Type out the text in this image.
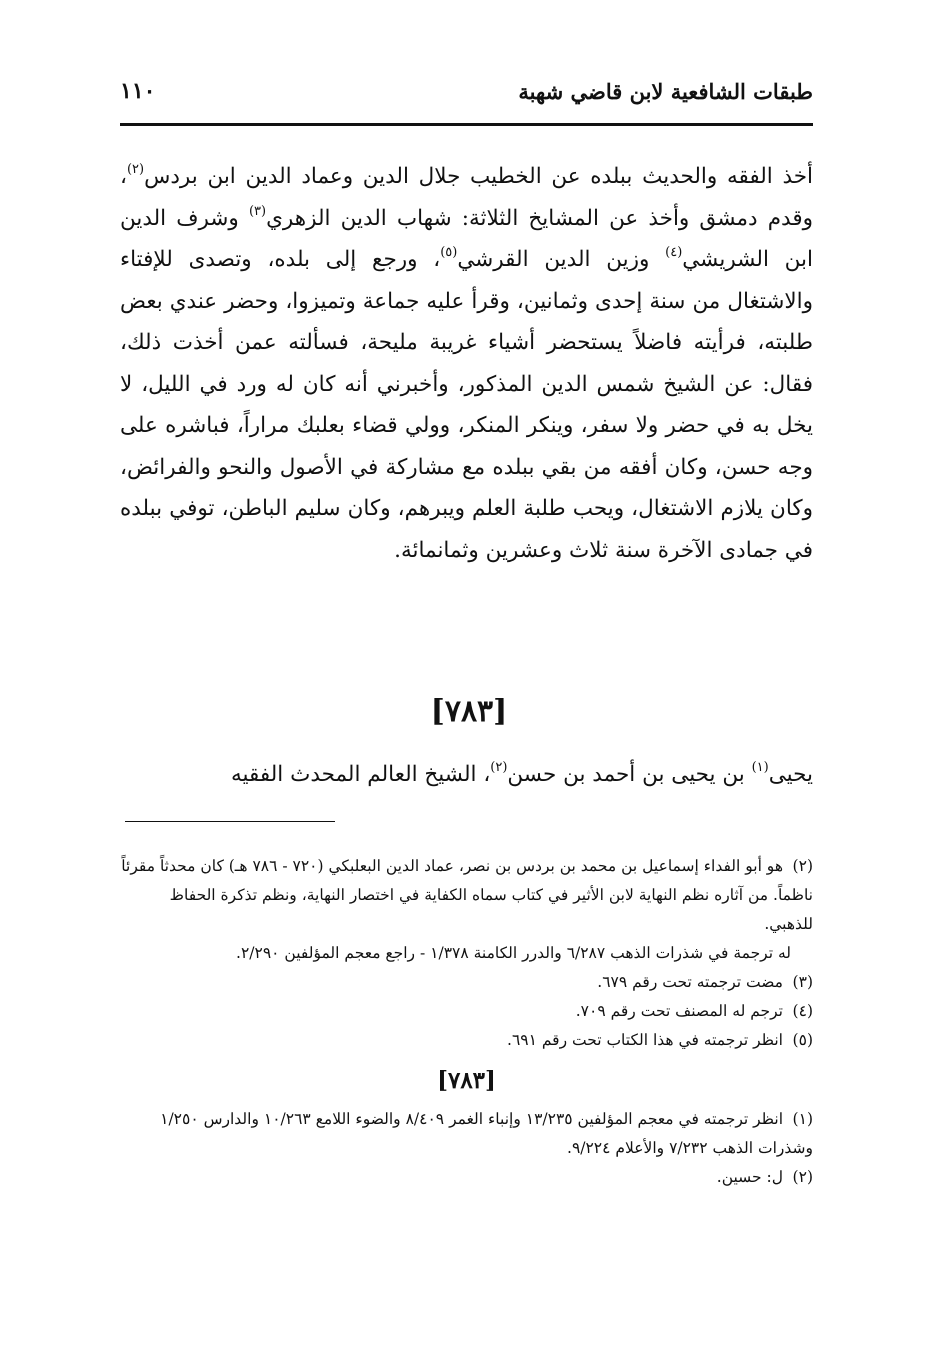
طبقات الشافعية لابن قاضي شهبة
١١٠

أخذ الفقه والحديث ببلده عن الخطيب جلال الدين وعماد الدين ابن بردس$^{(٢)}$، وقدم دمشق وأخذ عن المشايخ الثلاثة: شهاب الدين الزهري$^{(٣)}$ وشرف الدين ابن الشريشي$^{(٤)}$ وزين الدين القرشي$^{(٥)}$، ورجع إلى بلده، وتصدى للإفتاء والاشتغال من سنة إحدى وثمانين، وقرأ عليه جماعة وتميزوا، وحضر عندي بعض طلبته، فرأيته فاضلاً يستحضر أشياء غريبة مليحة، فسألته عمن أخذت ذلك، فقال: عن الشيخ شمس الدين المذكور، وأخبرني أنه كان له ورد في الليل، لا يخل به في حضر ولا سفر، وينكر المنكر، وولي قضاء بعلبك مراراً، فباشره على وجه حسن، وكان أفقه من بقي ببلده مع مشاركة في الأصول والنحو والفرائض، وكان يلازم الاشتغال، ويحب طلبة العلم ويبرهم، وكان سليم الباطن، توفي ببلده في جمادى الآخرة سنة ثلاث وعشرين وثمانمائة.

[٧٨٣]
يحيى$^{(١)}$ بن يحيى بن أحمد بن حسن$^{(٢)}$، الشيخ العالم المحدث الفقيه

(٢)هو أبو الفداء إسماعيل بن محمد بن بردس بن نصر، عماد الدين البعلبكي (٧٢٠ - ٧٨٦ هـ) كان محدثاً مقرئاً ناظماً. من آثاره نظم النهاية لابن الأثير في كتاب سماه الكفاية في اختصار النهاية، ونظم تذكرة الحفاظ للذهبي.

له ترجمة في شذرات الذهب ٦/٢٨٧ والدرر الكامنة ١/٣٧٨ - راجع معجم المؤلفين ٢/٢٩٠.

(٣)مضت ترجمته تحت رقم ٦٧٩.

(٤)ترجم له المصنف تحت رقم ٧٠٩.

(٥)انظر ترجمته في هذا الكتاب تحت رقم ٦٩١.

[٧٨٣]

(١)انظر ترجمته في معجم المؤلفين ١٣/٢٣٥ وإنباء الغمر ٨/٤٠٩ والضوء اللامع ١٠/٢٦٣ والدارس ١/٢٥٠ وشذرات الذهب ٧/٢٣٢ والأعلام ٩/٢٢٤.

(٢)ل: حسين.
